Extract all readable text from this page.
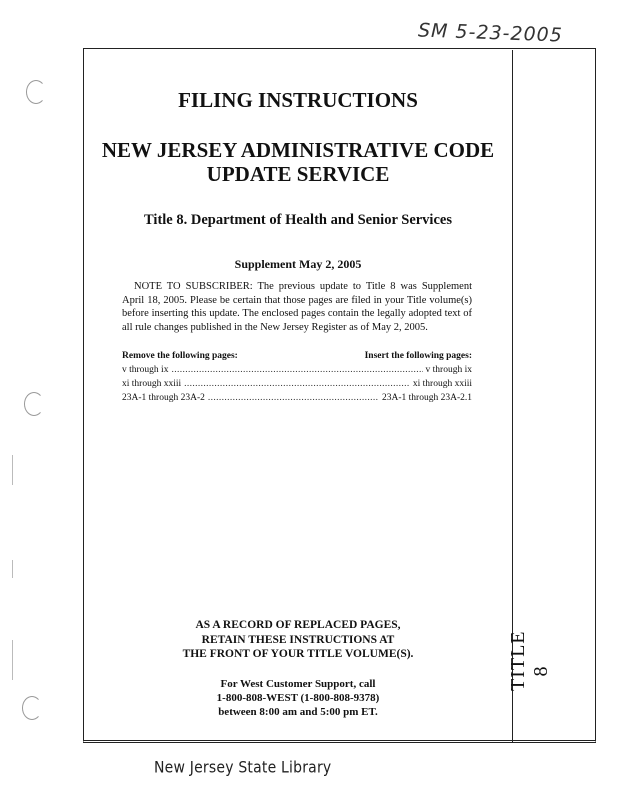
SM 5-23-2005
TITLE 8
FILING INSTRUCTIONS
NEW JERSEY ADMINISTRATIVE CODE
UPDATE SERVICE
Title 8. Department of Health and Senior Services
Supplement May 2, 2005
NOTE TO SUBSCRIBER: The previous update to Title 8 was Supplement April 18, 2005. Please be certain that those pages are filed in your Title volume(s) before inserting this update. The enclosed pages contain the legally adopted text of all rule changes published in the New Jersey Register as of May 2, 2005.
Remove the following pages:	Insert the following pages:
v through ix . . .	v through ix
xi through xxiii . . .	xi through xxiii
23A-1 through 23A-2 . . .	23A-1 through 23A-2.1
AS A RECORD OF REPLACED PAGES,
RETAIN THESE INSTRUCTIONS AT
THE FRONT OF YOUR TITLE VOLUME(S).
For West Customer Support, call
1-800-808-WEST (1-800-808-9378)
between 8:00 am and 5:00 pm ET.
New Jersey State Library
